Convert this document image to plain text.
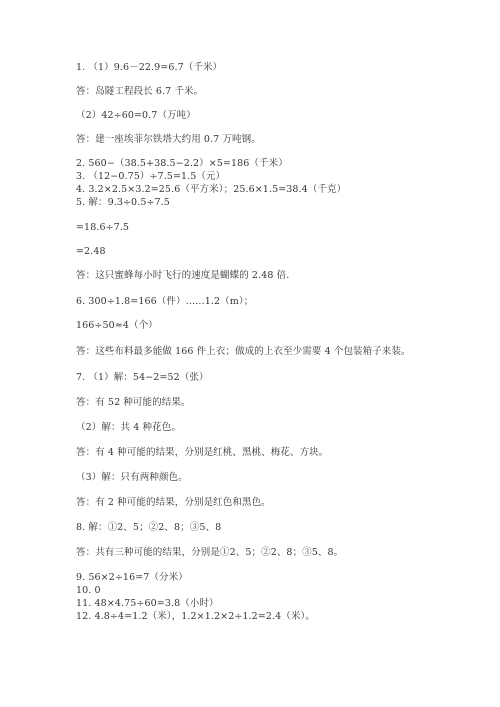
1. （1）9.6－22.9=6.7（千米）
答：岛隧工程段长 6.7 千米。
（2）42÷60=0.7（万吨）
答：建一座埃菲尔铁塔大约用 0.7 万吨钢。
2. 560−（38.5+38.5−2.2）×5=186（千米）
3. （12−0.75）÷7.5=1.5（元）
4. 3.2×2.5×3.2=25.6（平方米）；25.6×1.5=38.4（千克）
5. 解：9.3÷0.5÷7.5
=18.6÷7.5
=2.48
答：这只蜜蜂每小时飞行的速度是蝴蝶的 2.48 倍.
6. 300÷1.8=166（件）……1.2（m）；
166÷50≈4（个）
答：这些布料最多能做 166 件上衣；做成的上衣至少需要 4 个包装箱子来装。
7. （1）解：54−2=52（张）
答：有 52 种可能的结果。
（2）解：共 4 种花色。
答：有 4 种可能的结果，分别是红桃、黑桃、梅花、方块。
（3）解：只有两种颜色。
答：有 2 种可能的结果，分别是红色和黑色。
8. 解：①2、5；②2、8；③5、8
答：共有三种可能的结果，分别是①2、5；②2、8；③5、8。
9. 56×2÷16=7（分米）
10. 0
11. 48×4.75÷60=3.8（小时）
12. 4.8÷4=1.2（米），1.2×1.2×2÷1.2=2.4（米）。
